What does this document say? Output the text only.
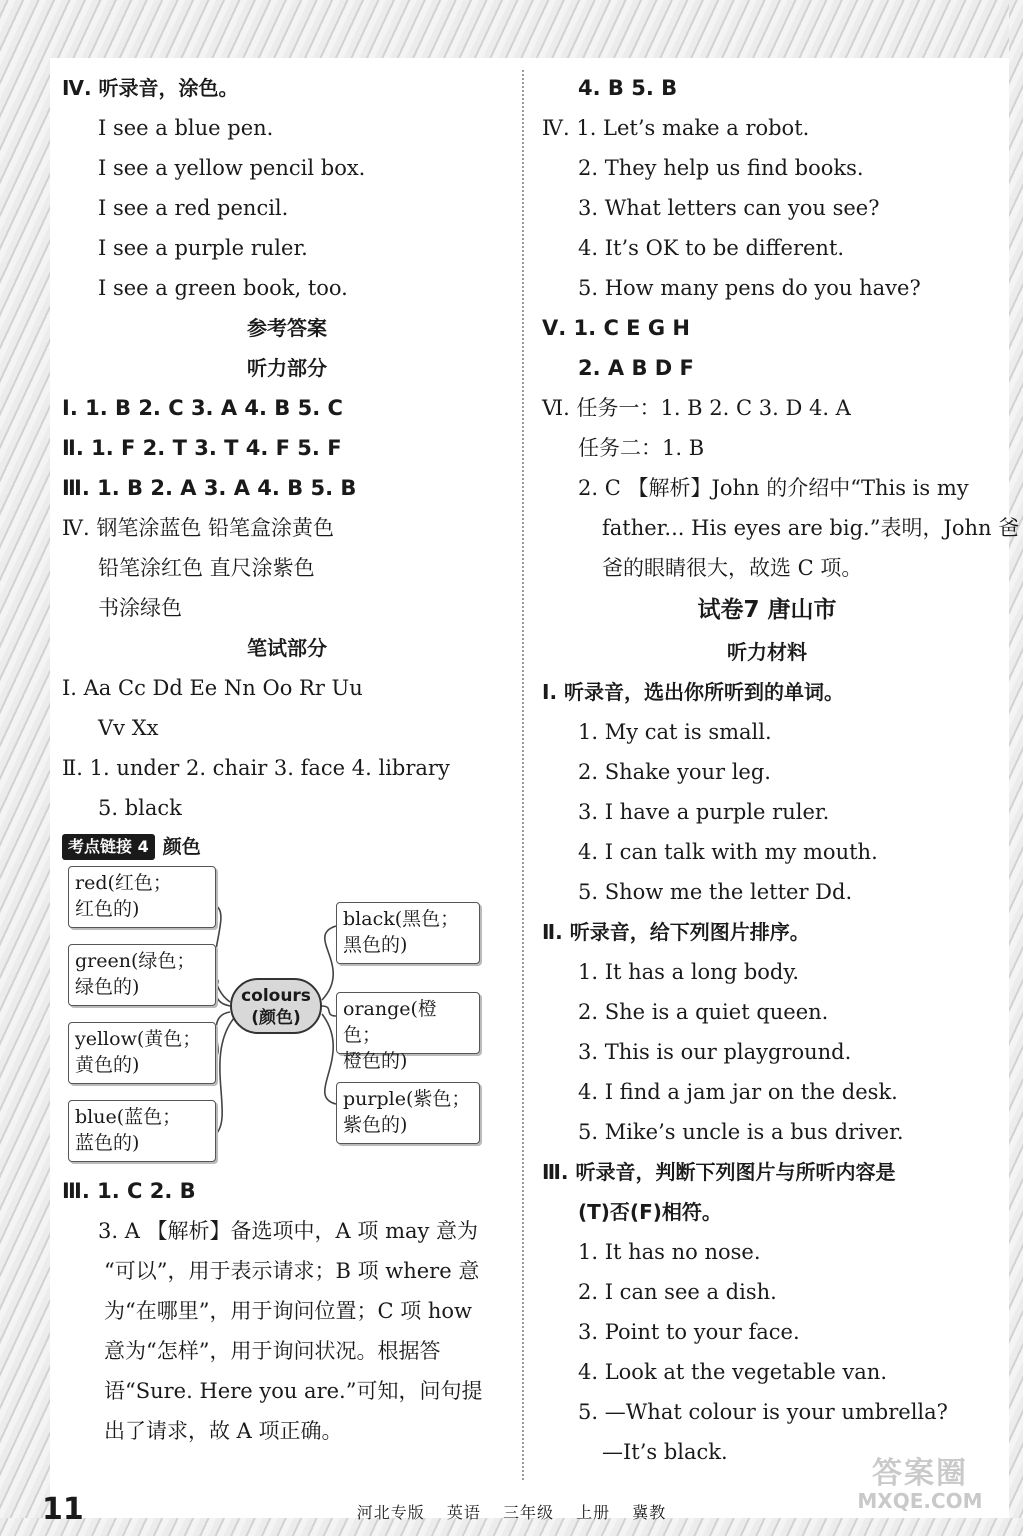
Ⅳ. 听录音，涂色。
I see a blue pen.
I see a yellow pencil box.
I see a red pencil.
I see a purple ruler.
I see a green book, too.
参考答案
听力部分
Ⅰ. 1. B 2. C 3. A 4. B 5. C
Ⅱ. 1. F 2. T 3. T 4. F 5. F
Ⅲ. 1. B 2. A 3. A 4. B 5. B
Ⅳ. 钢笔涂蓝色 铅笔盒涂黄色
铅笔涂红色 直尺涂紫色
书涂绿色
笔试部分
Ⅰ. Aa Cc Dd Ee Nn Oo Rr Uu
Vv Xx
Ⅱ. 1. under 2. chair 3. face 4. library
5. black
考点链接 4 颜色
red(红色；
红色的)
green(绿色；
绿色的)
yellow(黄色；
黄色的)
blue(蓝色；
蓝色的)
colours
(颜色)
black(黑色；
黑色的)
orange(橙色；
橙色的)
purple(紫色；
紫色的)
Ⅲ. 1. C 2. B
3. A 【解析】备选项中，A 项 may 意为
“可以”，用于表示请求；B 项 where 意
为“在哪里”，用于询问位置；C 项 how
意为“怎样”，用于询问状况。根据答
语“Sure. Here you are.”可知，问句提
出了请求，故 A 项正确。
4. B 5. B
Ⅳ. 1. Let’s make a robot.
2. They help us find books.
3. What letters can you see?
4. It’s OK to be different.
5. How many pens do you have?
Ⅴ. 1. C E G H
2. A B D F
Ⅵ. 任务一：1. B 2. C 3. D 4. A
任务二：1. B
2. C 【解析】John 的介绍中“This is my
father... His eyes are big.”表明，John 爸
爸的眼睛很大，故选 C 项。
试卷7 唐山市
听力材料
Ⅰ. 听录音，选出你所听到的单词。
1. My cat is small.
2. Shake your leg.
3. I have a purple ruler.
4. I can talk with my mouth.
5. Show me the letter Dd.
Ⅱ. 听录音，给下列图片排序。
1. It has a long body.
2. She is a quiet queen.
3. This is our playground.
4. I find a jam jar on the desk.
5. Mike’s uncle is a bus driver.
Ⅲ. 听录音，判断下列图片与所听内容是
(T)否(F)相符。
1. It has no nose.
2. I can see a dish.
3. Point to your face.
4. Look at the vegetable van.
5. —What colour is your umbrella?
—It’s black.
11	河北专版 英语 三年级 上册 冀教
答案圈
MXQE.COM
